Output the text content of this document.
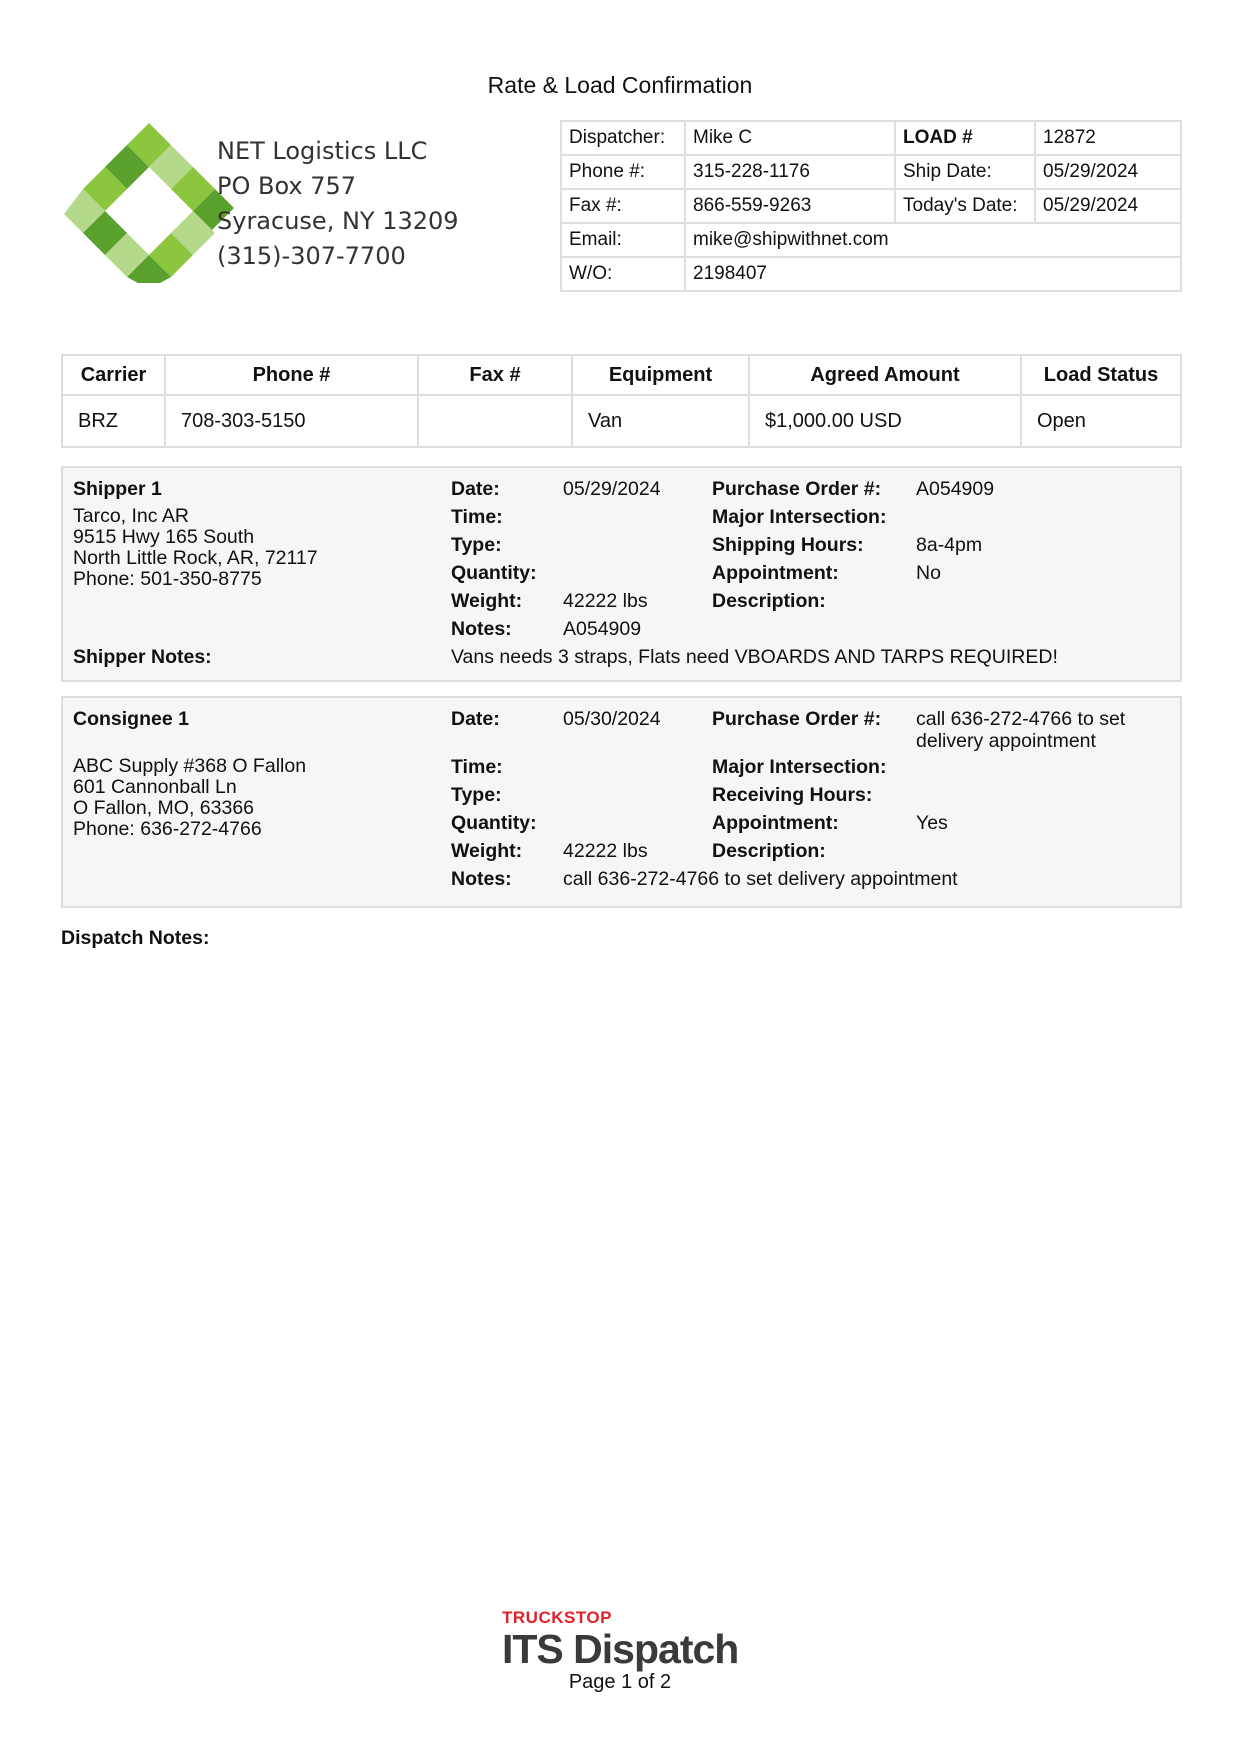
Rate & Load Confirmation
NET Logistics LLC
PO Box 757
Syracuse, NY 13209
(315)-307-7700
Dispatcher:	Mike C	LOAD #	12872
Phone #:	315-228-1176	Ship Date:	05/29/2024
Fax #:	866-559-9263	Today's Date:	05/29/2024
Email:	mike@shipwithnet.com		
W/O:	2198407		
Carrier	Phone #	Fax #	Equipment	Agreed Amount	Load Status
BRZ	708-303-5150		Van	$1,000.00 USD	Open
Shipper 1
Tarco, Inc AR
9515 Hwy 165 South
North Little Rock, AR, 72117
Phone: 501-350-8775
Date:	05/29/2024
Time:
Type:
Quantity:
Weight: 42222 lbs
Notes:	A054909
Purchase Order #: A054909
Major Intersection:
Shipping Hours:	8a-4pm
Appointment:	No
Description:
Shipper Notes:	Vans needs 3 straps, Flats need VBOARDS AND TARPS REQUIRED!
Consignee 1
ABC Supply #368 O Fallon
601 Cannonball Ln
O Fallon, MO, 63366
Phone: 636-272-4766
Date:	05/30/2024
Time:
Type:
Quantity:
Weight: 42222 lbs
Notes:	call 636-272-4766 to set delivery appointment
Purchase Order #: call 636-272-4766 to set
delivery appointment
Major Intersection:
Receiving Hours:
Appointment:	Yes
Description:
Dispatch Notes:
TRUCKSTOP
ITS Dispatch
Page 1 of 2
